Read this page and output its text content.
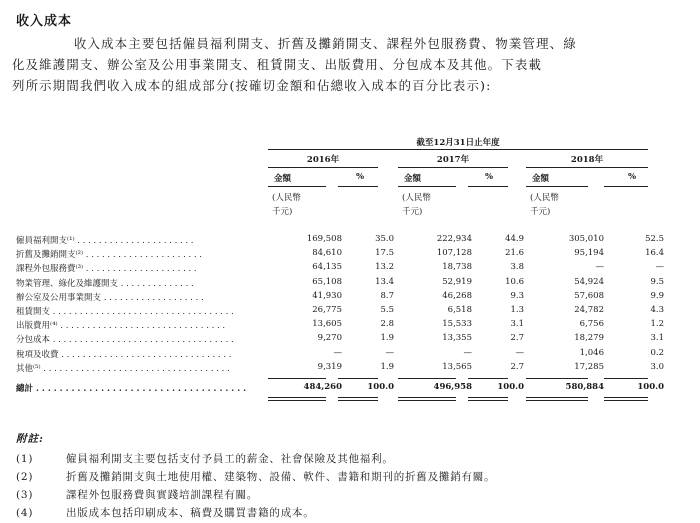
收入成本
收入成本主要包括僱員福利開支、折舊及攤銷開支、課程外包服務費、物業管理、綠
化及維護開支、辦公室及公用事業開支、租賃開支、出版費用、分包成本及其他。下表載
列所示期間我們收入成本的組成部分(按確切金額和佔總收入成本的百分比表示):
截至12月31日止年度
2016年	2017年	2018年
金額	%	金額	%	金額	%
(人民幣
千元)
(人民幣
千元)
(人民幣
千元)
僱員福利開支⁽¹⁾ . . . . . . . . . . . . . . . . . . . . . .	169,508	35.0	222,934	44.9	305,010	52.5
折舊及攤銷開支⁽²⁾ . . . . . . . . . . . . . . . . . . . . . .	84,610	17.5	107,128	21.6	95,194	16.4
課程外包服務費⁽³⁾ . . . . . . . . . . . . . . . . . . . . .	64,135	13.2	18,738	3.8	—	—
物業管理、綠化及維護開支 . . . . . . . . . . . . . .	65,108	13.4	52,919	10.6	54,924	9.5
辦公室及公用事業開支 . . . . . . . . . . . . . . . . . . .	41,930	8.7	46,268	9.3	57,608	9.9
租賃開支 . . . . . . . . . . . . . . . . . . . . . . . . . . . . . . . . . .	26,775	5.5	6,518	1.3	24,782	4.3
出版費用⁽⁴⁾ . . . . . . . . . . . . . . . . . . . . . . . . . . . . . . .	13,605	2.8	15,533	3.1	6,756	1.2
分包成本 . . . . . . . . . . . . . . . . . . . . . . . . . . . . . . . . . .	9,270	1.9	13,355	2.7	18,279	3.1
稅項及收費 . . . . . . . . . . . . . . . . . . . . . . . . . . . . . . . .	—	—	—	—	1,046	0.2
其他⁽⁵⁾ . . . . . . . . . . . . . . . . . . . . . . . . . . . . . . . . . . .	9,319	1.9	13,565	2.7	17,285	3.0
總計 . . . . . . . . . . . . . . . . . . . . . . . . . . . . . . . . . . . .	484,260	100.0	496,958	100.0	580,884	100.0
附註:
(1)	僱員福利開支主要包括支付予員工的薪金、社會保險及其他福利。
(2)	折舊及攤銷開支與土地使用權、建築物、設備、軟件、書籍和期刊的折舊及攤銷有關。
(3)	課程外包服務費與實踐培訓課程有關。
(4)	出版成本包括印刷成本、稿費及購買書籍的成本。
